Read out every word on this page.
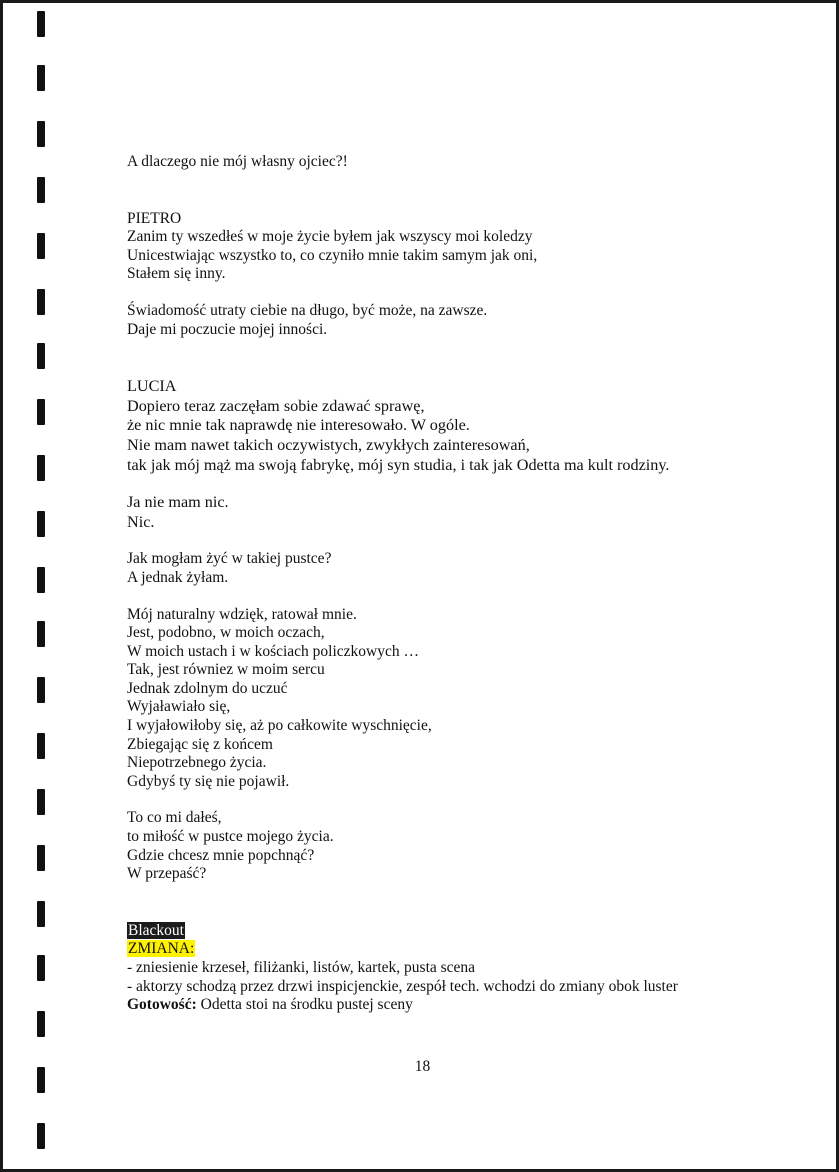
A dlaczego nie mój własny ojciec?!
PIETRO
Zanim ty wszedłeś w moje życie byłem jak wszyscy moi koledzy
Unicestwiając wszystko to, co czyniło mnie takim samym jak oni,
Stałem się inny.
Świadomość utraty ciebie na długo, być może, na zawsze.
Daje mi poczucie mojej inności.
LUCIA
Dopiero teraz zaczęłam sobie zdawać sprawę,
że nic mnie tak naprawdę nie interesowało. W ogóle.
Nie mam nawet takich oczywistych, zwykłych zainteresowań,
tak jak mój mąż ma swoją fabrykę, mój syn studia, i tak jak Odetta ma kult rodziny.
Ja nie mam nic.
Nic.
Jak mogłam żyć w takiej pustce?
A jednak żyłam.
Mój naturalny wdzięk, ratował mnie.
Jest, podobno, w moich oczach,
W moich ustach i w kościach policzkowych …
Tak, jest równiez w moim sercu
Jednak zdolnym do uczuć
Wyjaławiało się,
I wyjałowiłoby się, aż po całkowite wyschnięcie,
Zbiegając się z końcem
Niepotrzebnego życia.
Gdybyś ty się nie pojawił.
To co mi dałeś,
to miłość w pustce mojego życia.
Gdzie chcesz mnie popchnąć?
W przepaść?
Blackout
ZMIANA:
- zniesienie krzeseł, filiżanki, listów, kartek, pusta scena
- aktorzy schodzą przez drzwi inspicjenckie, zespół tech. wchodzi do zmiany obok luster
Gotowość: Odetta stoi na środku pustej sceny
18
